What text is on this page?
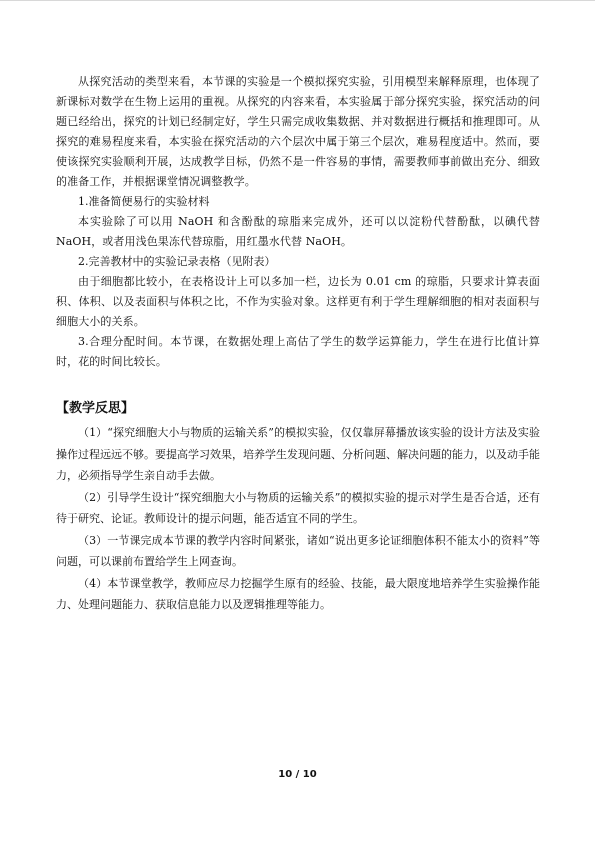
从探究活动的类型来看，本节课的实验是一个模拟探究实验，引用模型来解释原理，也体现了新课标对数学在生物上运用的重视。从探究的内容来看，本实验属于部分探究实验，探究活动的问题已经给出，探究的计划已经制定好，学生只需完成收集数据、并对数据进行概括和推理即可。从探究的难易程度来看，本实验在探究活动的六个层次中属于第三个层次，难易程度适中。然而，要使该探究实验顺利开展，达成教学目标，仍然不是一件容易的事情，需要教师事前做出充分、细致的准备工作，并根据课堂情况调整教学。

1.准备简便易行的实验材料

本实验除了可以用 NaOH 和含酚酞的琼脂来完成外，还可以以淀粉代替酚酞，以碘代替 NaOH，或者用浅色果冻代替琼脂，用红墨水代替 NaOH。

2.完善教材中的实验记录表格（见附表）

由于细胞都比较小，在表格设计上可以多加一栏，边长为 0.01 cm 的琼脂，只要求计算表面积、体积、以及表面积与体积之比，不作为实验对象。这样更有利于学生理解细胞的相对表面积与细胞大小的关系。

3.合理分配时间。本节课，在数据处理上高估了学生的数学运算能力，学生在进行比值计算时，花的时间比较长。

【教学反思】

（1）“探究细胞大小与物质的运输关系”的模拟实验，仅仅靠屏幕播放该实验的设计方法及实验操作过程远远不够。要提高学习效果，培养学生发现问题、分析问题、解决问题的能力，以及动手能力，必须指导学生亲自动手去做。

（2）引导学生设计“探究细胞大小与物质的运输关系”的模拟实验的提示对学生是否合适，还有待于研究、论证。教师设计的提示问题，能否适宜不同的学生。

（3）一节课完成本节课的教学内容时间紧张，诸如“说出更多论证细胞体积不能太小的资料”等问题，可以课前布置给学生上网查询。

（4）本节课堂教学，教师应尽力挖掘学生原有的经验、技能，最大限度地培养学生实验操作能力、处理问题能力、获取信息能力以及逻辑推理等能力。

10 / 10
